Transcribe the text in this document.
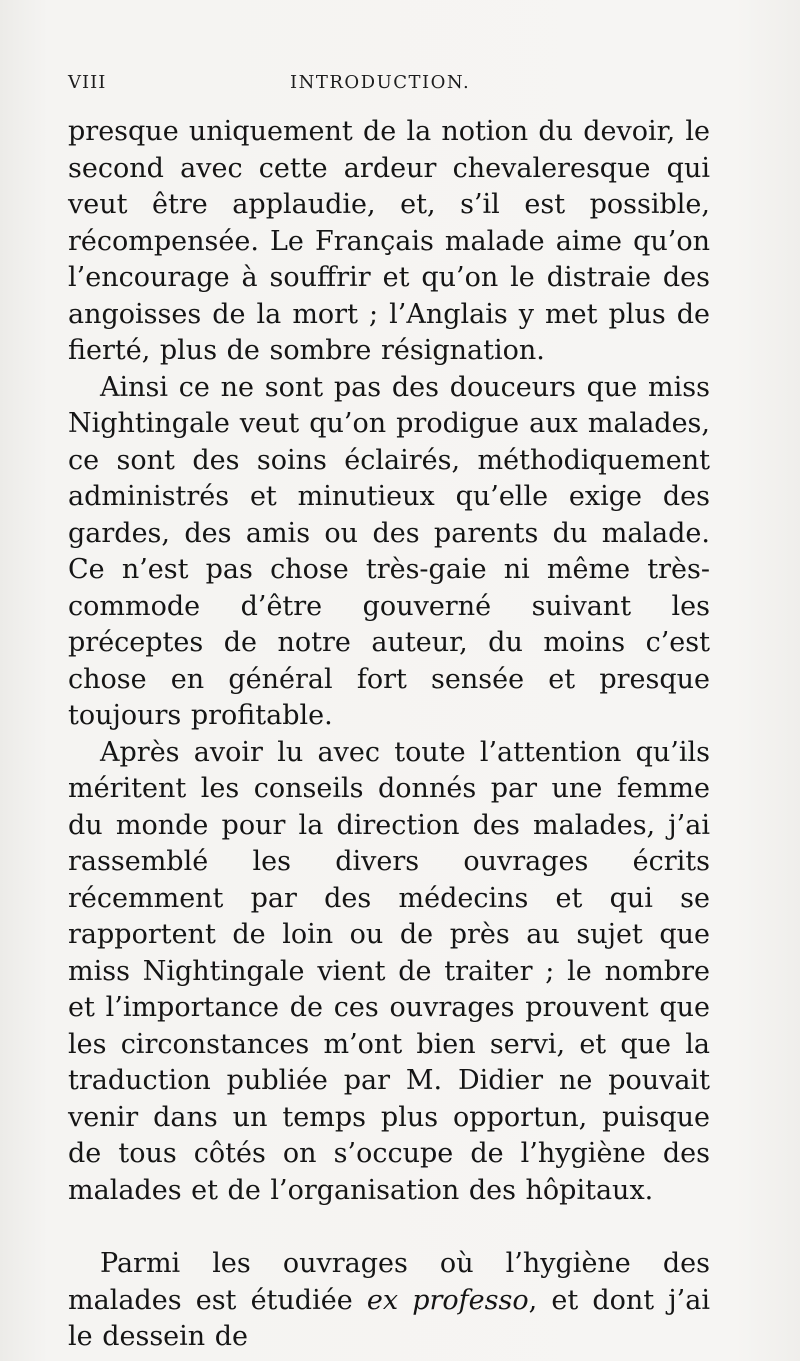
VIII	INTRODUCTION.

presque uniquement de la notion du devoir, le second avec cette ardeur chevaleresque qui veut être applaudie, et, s’il est possible, récompensée. Le Français malade aime qu’on l’encourage à souffrir et qu’on le distraie des angoisses de la mort ; l’Anglais y met plus de fierté, plus de sombre résignation.

Ainsi ce ne sont pas des douceurs que miss Nightingale veut qu’on prodigue aux malades, ce sont des soins éclairés, méthodiquement administrés et minutieux qu’elle exige des gardes, des amis ou des parents du malade. Ce n’est pas chose très-gaie ni même très-commode d’être gouverné suivant les préceptes de notre auteur, du moins c’est chose en général fort sensée et presque toujours profitable.

Après avoir lu avec toute l’attention qu’ils méritent les conseils donnés par une femme du monde pour la direction des malades, j’ai rassemblé les divers ouvrages écrits récemment par des médecins et qui se rapportent de loin ou de près au sujet que miss Nightingale vient de traiter ; le nombre et l’importance de ces ouvrages prouvent que les circonstances m’ont bien servi, et que la traduction publiée par M. Didier ne pouvait venir dans un temps plus opportun, puisque de tous côtés on s’occupe de l’hygiène des malades et de l’organisation des hôpitaux.

Parmi les ouvrages où l’hygiène des malades est étudiée ex professo, et dont j’ai le dessein de
